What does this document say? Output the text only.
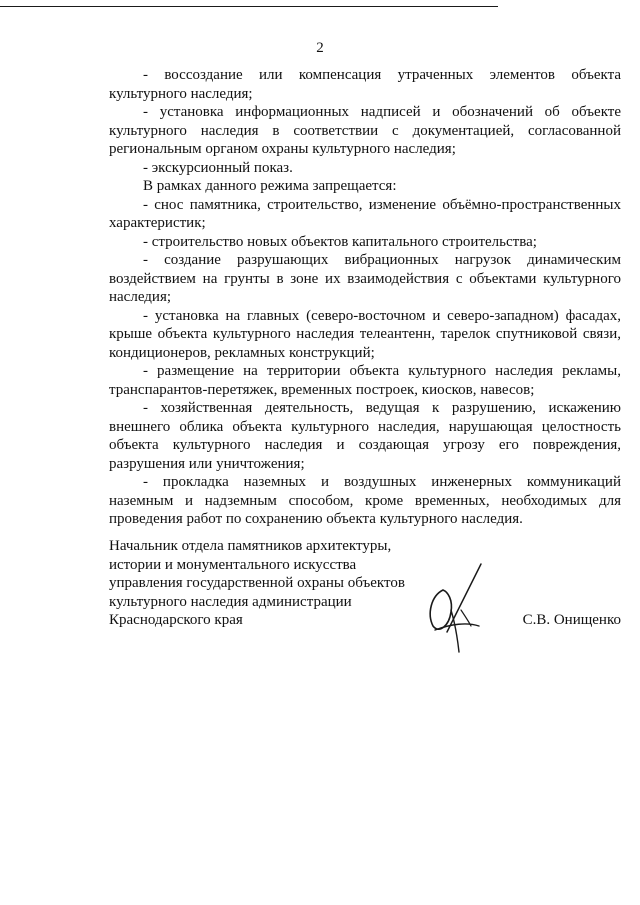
2

- воссоздание или компенсация утраченных элементов объекта культурного наследия;

- установка информационных надписей и обозначений об объекте культурного наследия в соответствии с документацией, согласованной региональным органом охраны культурного наследия;

- экскурсионный показ.

В рамках данного режима запрещается:

- снос памятника, строительство, изменение объёмно-пространственных характеристик;

- строительство новых объектов капитального строительства;

- создание разрушающих вибрационных нагрузок динамическим воздействием на грунты в зоне их взаимодействия с объектами культурного наследия;

- установка на главных (северо-восточном и северо-западном) фасадах, крыше объекта культурного наследия телеантенн, тарелок спутниковой связи, кондиционеров, рекламных конструкций;

- размещение на территории объекта культурного наследия рекламы, транспарантов-перетяжек, временных построек, киосков, навесов;

- хозяйственная деятельность, ведущая к разрушению, искажению внешнего облика объекта культурного наследия, нарушающая целостность объекта культурного наследия и создающая угрозу его повреждения, разрушения или уничтожения;

- прокладка наземных и воздушных инженерных коммуникаций наземным и надземным способом, кроме временных, необходимых для проведения работ по сохранению объекта культурного наследия.

Начальник отдела памятников архитектуры,
истории и монументального искусства
управления государственной охраны объектов
культурного наследия администрации
Краснодарского края	С.В. Онищенко
